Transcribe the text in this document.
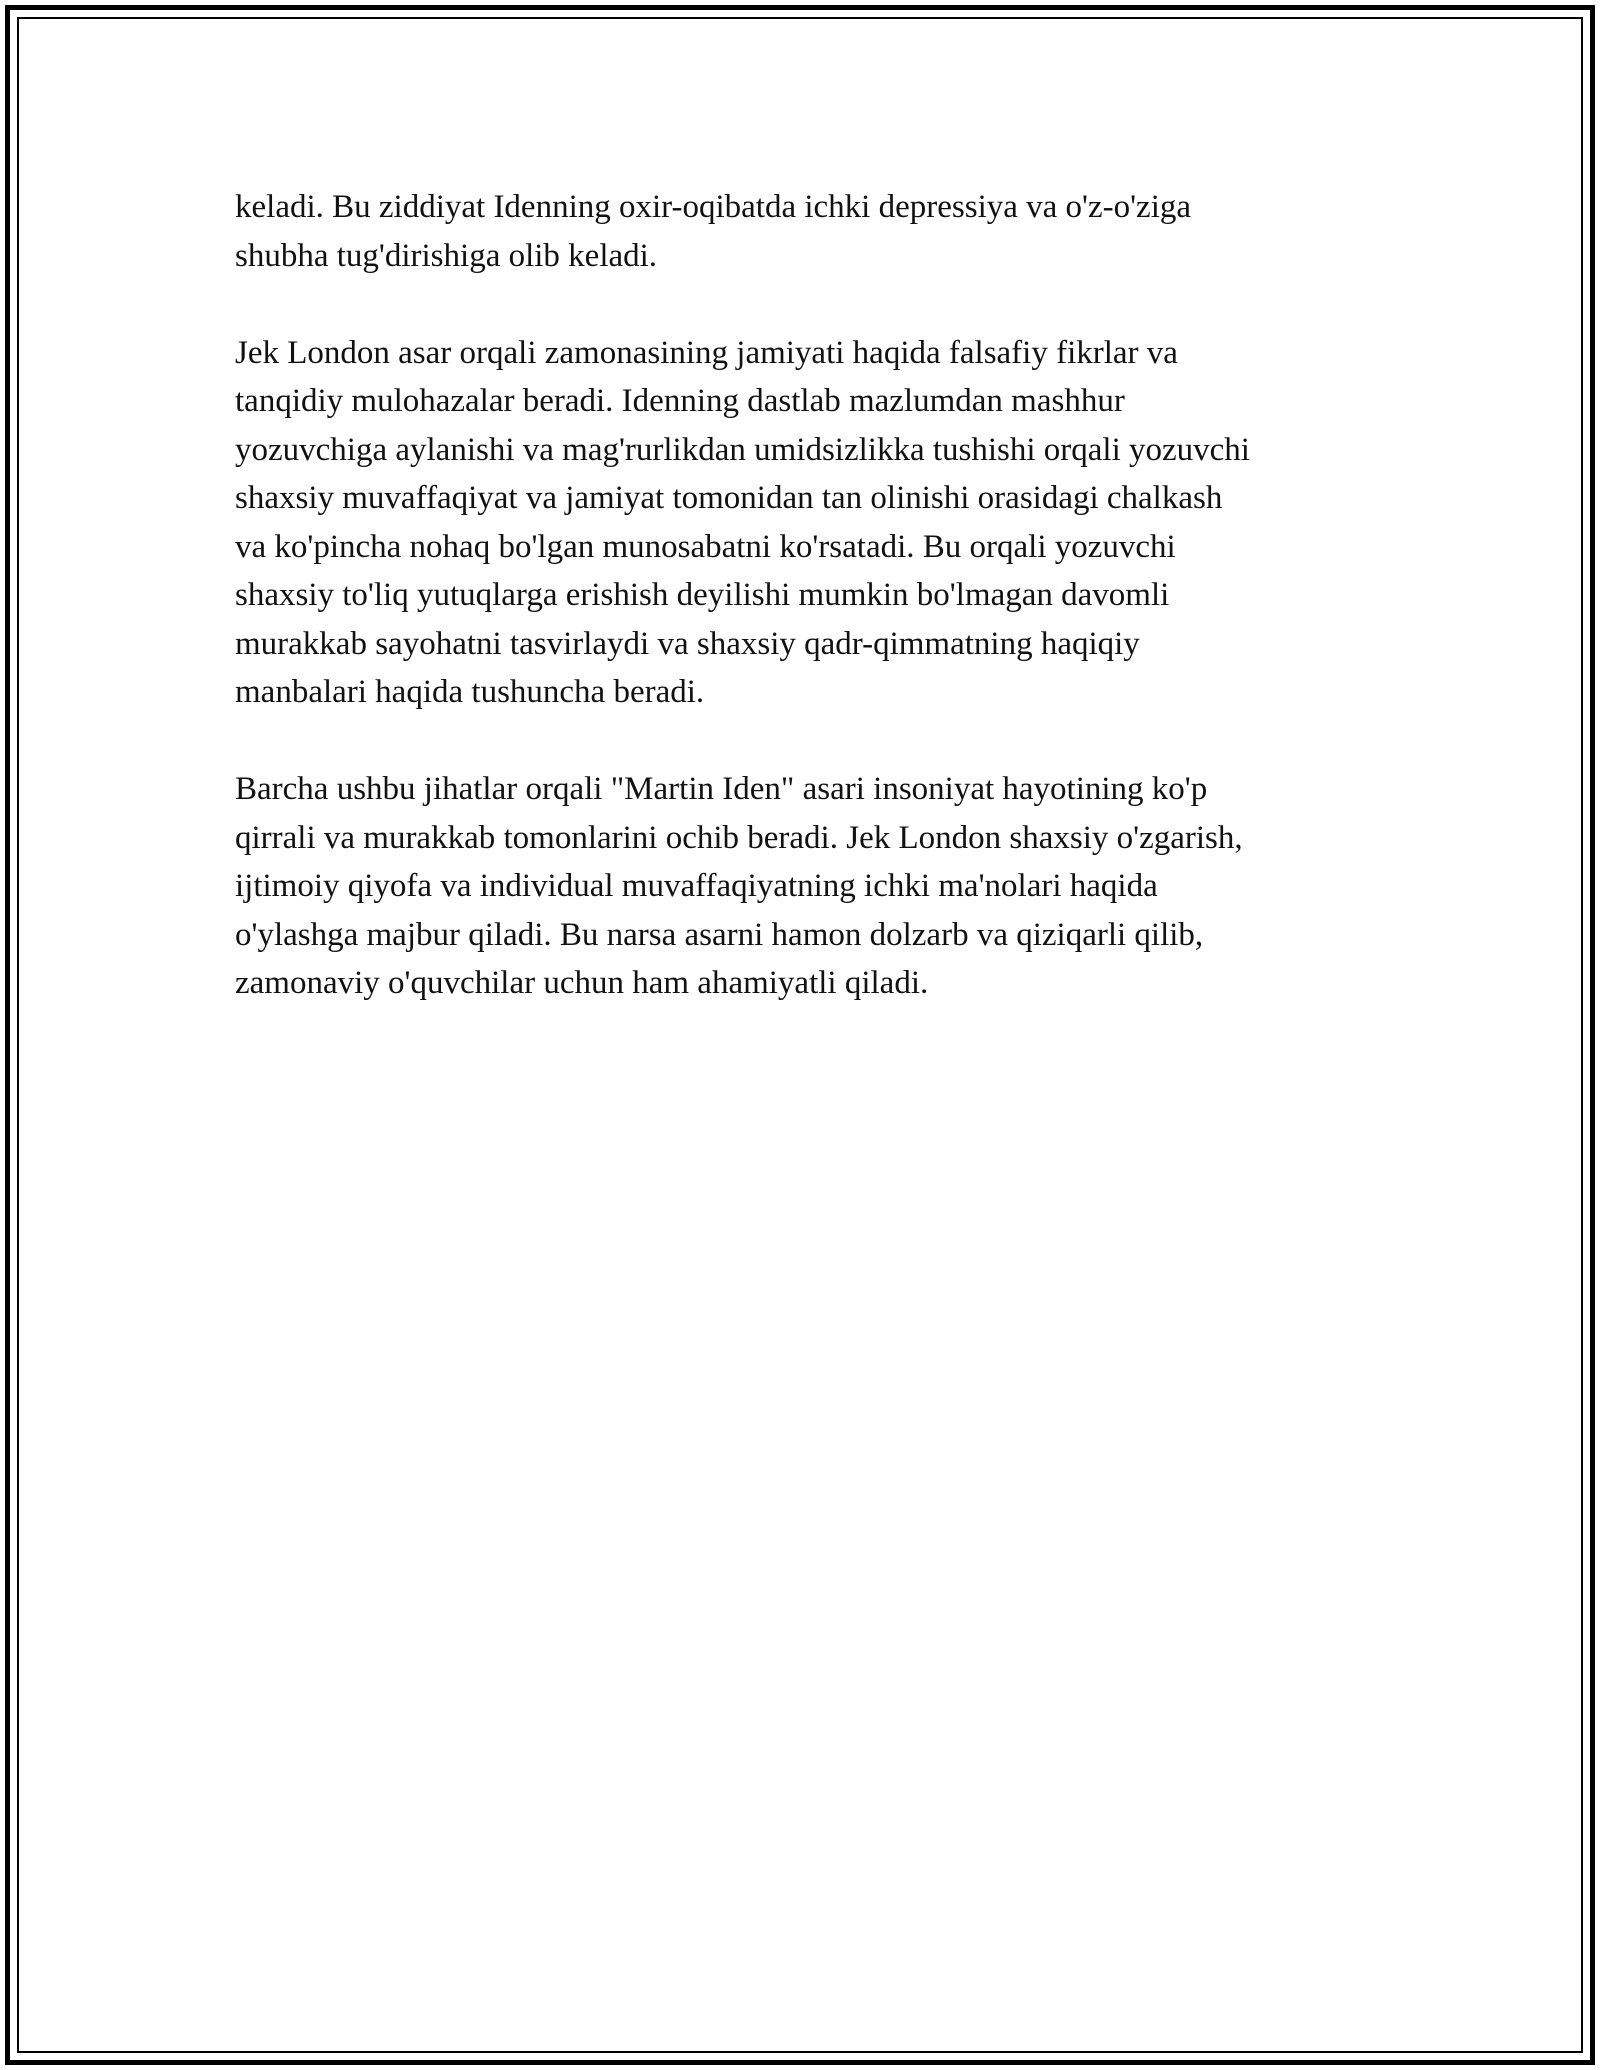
keladi. Bu ziddiyat Idenning oxir-oqibatda ichki depressiya va o'z-o'ziga
shubha tug'dirishiga olib keladi.

Jek London asar orqali zamonasining jamiyati haqida falsafiy fikrlar va
tanqidiy mulohazalar beradi. Idenning dastlab mazlumdan mashhur
yozuvchiga aylanishi va mag'rurlikdan umidsizlikka tushishi orqali yozuvchi
shaxsiy muvaffaqiyat va jamiyat tomonidan tan olinishi orasidagi chalkash
va ko'pincha nohaq bo'lgan munosabatni ko'rsatadi. Bu orqali yozuvchi
shaxsiy to'liq yutuqlarga erishish deyilishi mumkin bo'lmagan davomli
murakkab sayohatni tasvirlaydi va shaxsiy qadr-qimmatning haqiqiy
manbalari haqida tushuncha beradi.

Barcha ushbu jihatlar orqali "Martin Iden" asari insoniyat hayotining ko'p
qirrali va murakkab tomonlarini ochib beradi. Jek London shaxsiy o'zgarish,
ijtimoiy qiyofa va individual muvaffaqiyatning ichki ma'nolari haqida
o'ylashga majbur qiladi. Bu narsa asarni hamon dolzarb va qiziqarli qilib,
zamonaviy o'quvchilar uchun ham ahamiyatli qiladi.
